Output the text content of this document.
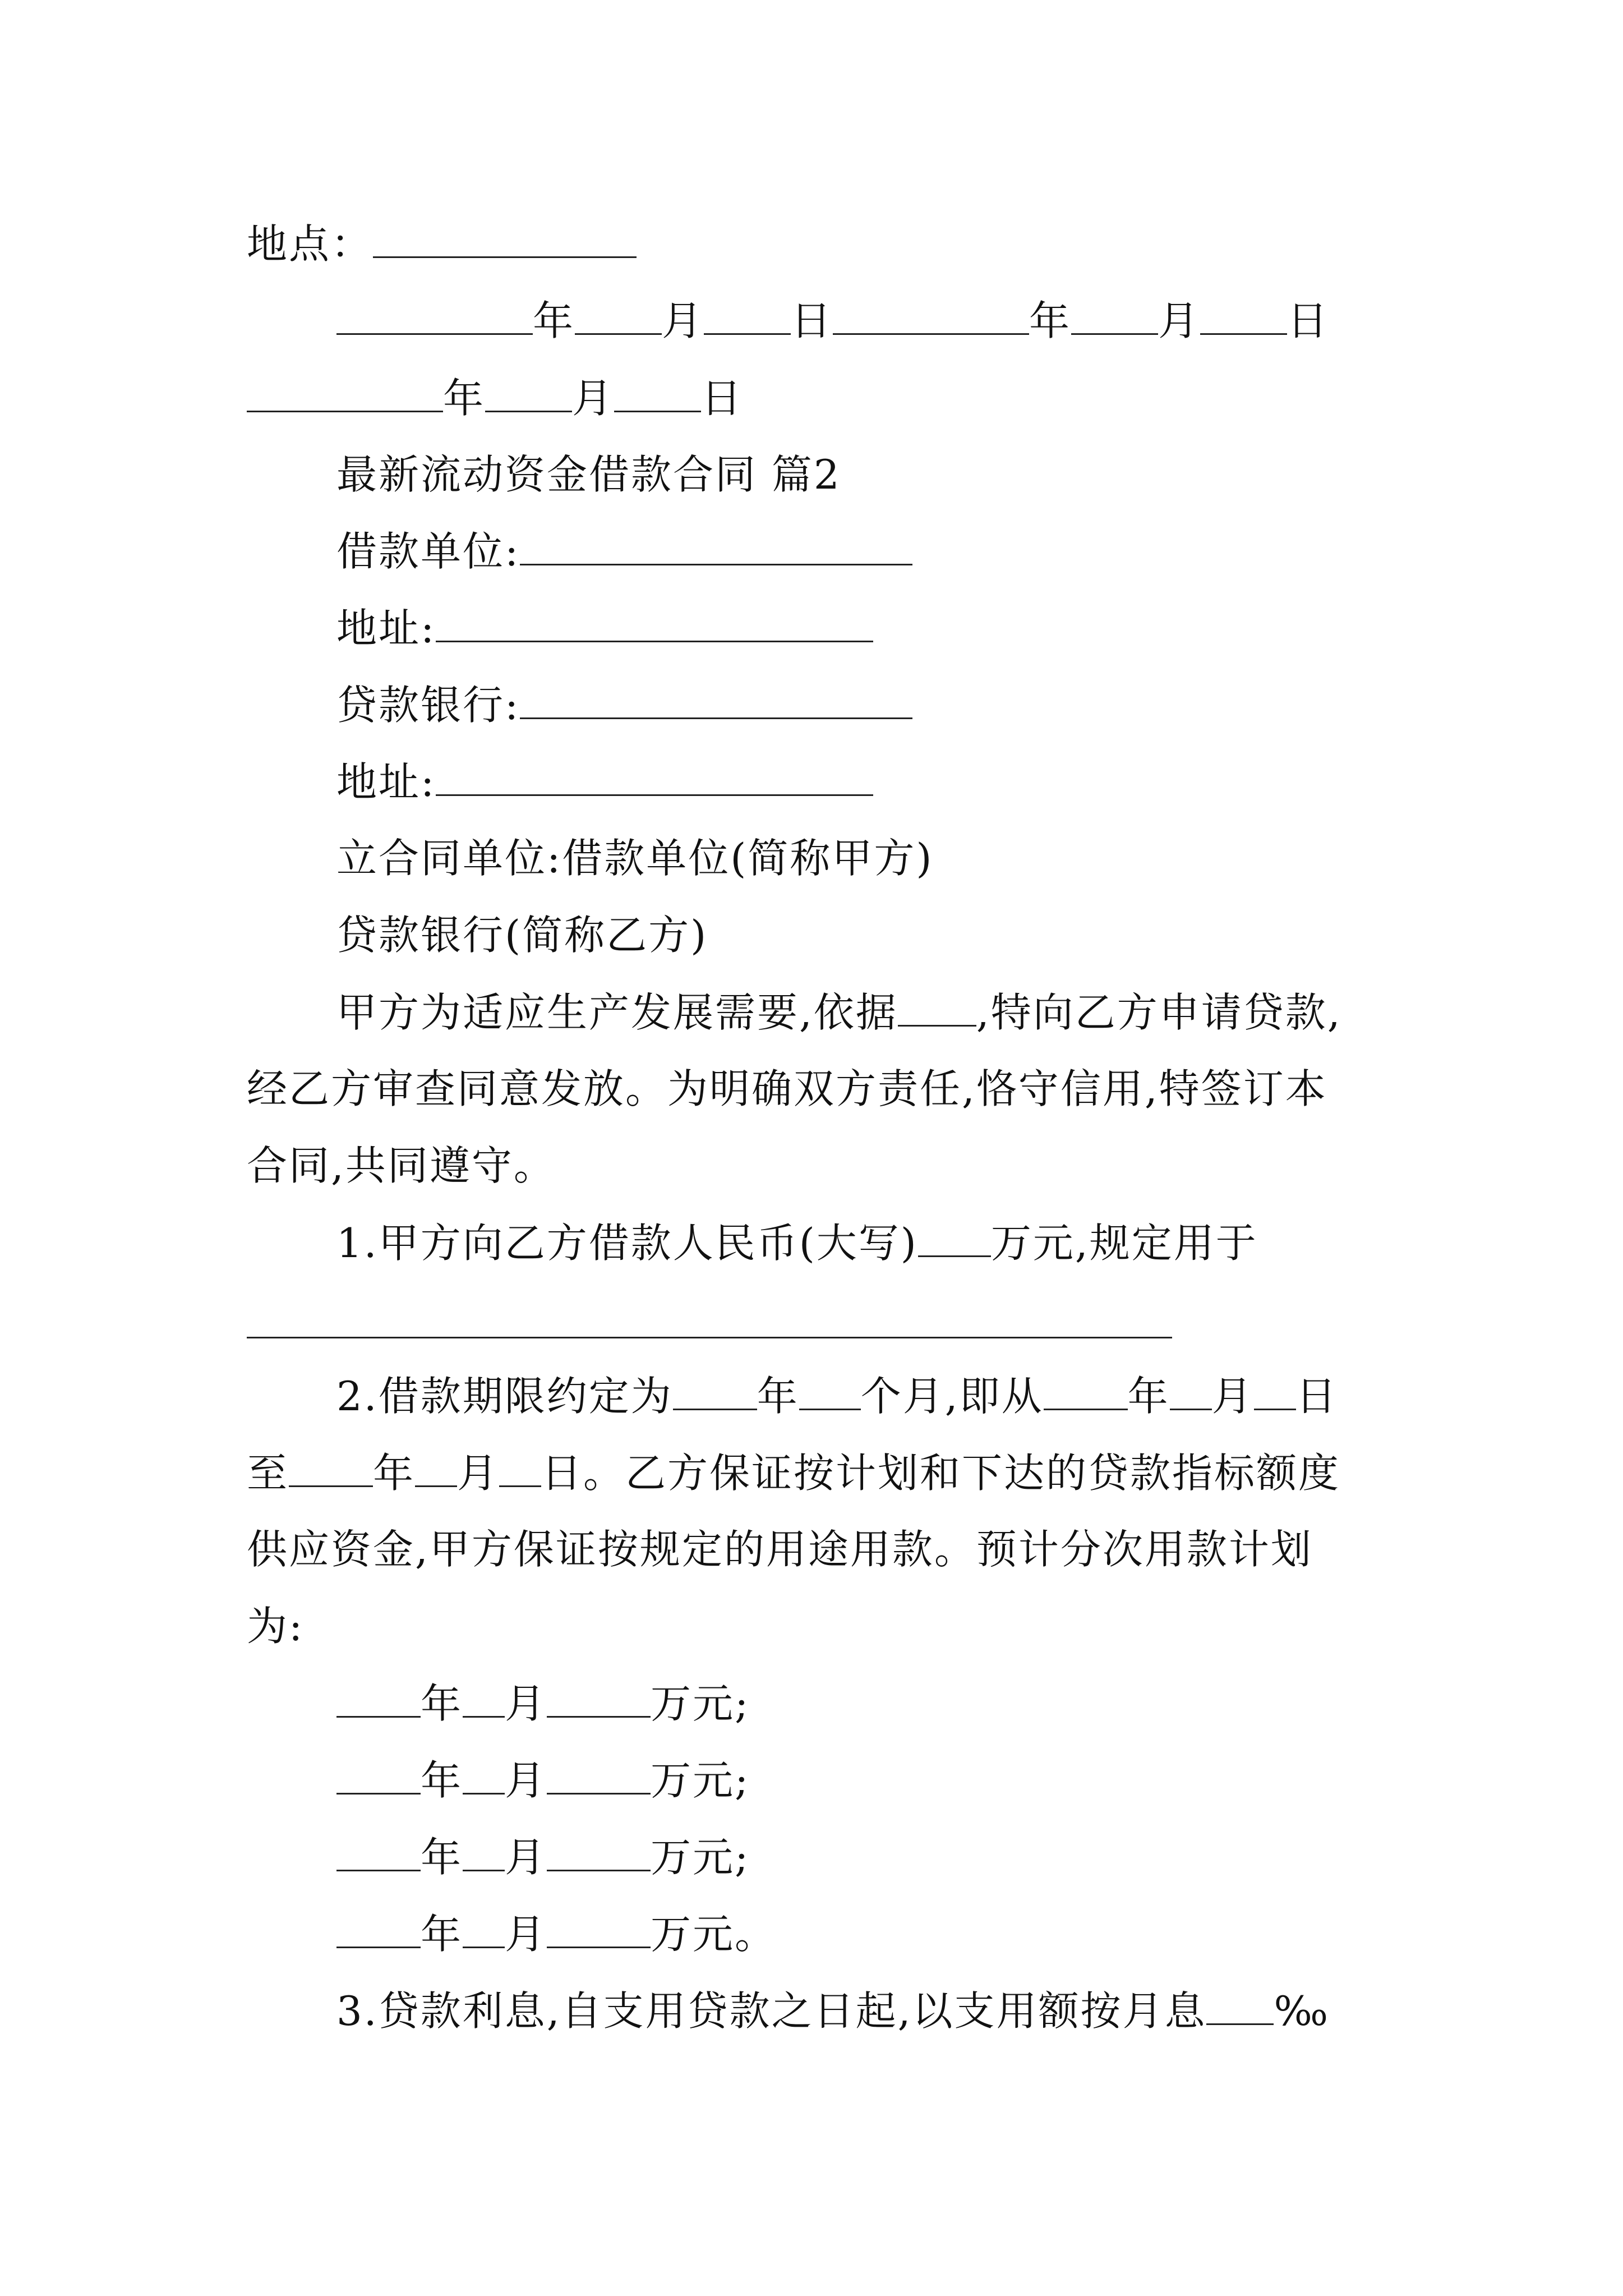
地点：
年 月 日	年 月 日
年 月 日
最新流动资金借款合同 篇2
借款单位:
地址:
贷款银行:
地址:
立合同单位:借款单位(简称甲方)
贷款银行(简称乙方)
甲方为适应生产发展需要,依据 ,特向乙方申请贷款,
经乙方审查同意发放。为明确双方责任,恪守信用,特签订本
合同,共同遵守。
1.甲方向乙方借款人民币(大写) 万元,规定用于
2.借款期限约定为 年 个月,即从 年 月 日
至 年 月 日。乙方保证按计划和下达的贷款指标额度
供应资金,甲方保证按规定的用途用款。预计分次用款计划
为:
年 月	万元;
年 月	万元;
年 月	万元;
年 月	万元。
3.贷款利息,自支用贷款之日起,以支用额按月息 ‰
